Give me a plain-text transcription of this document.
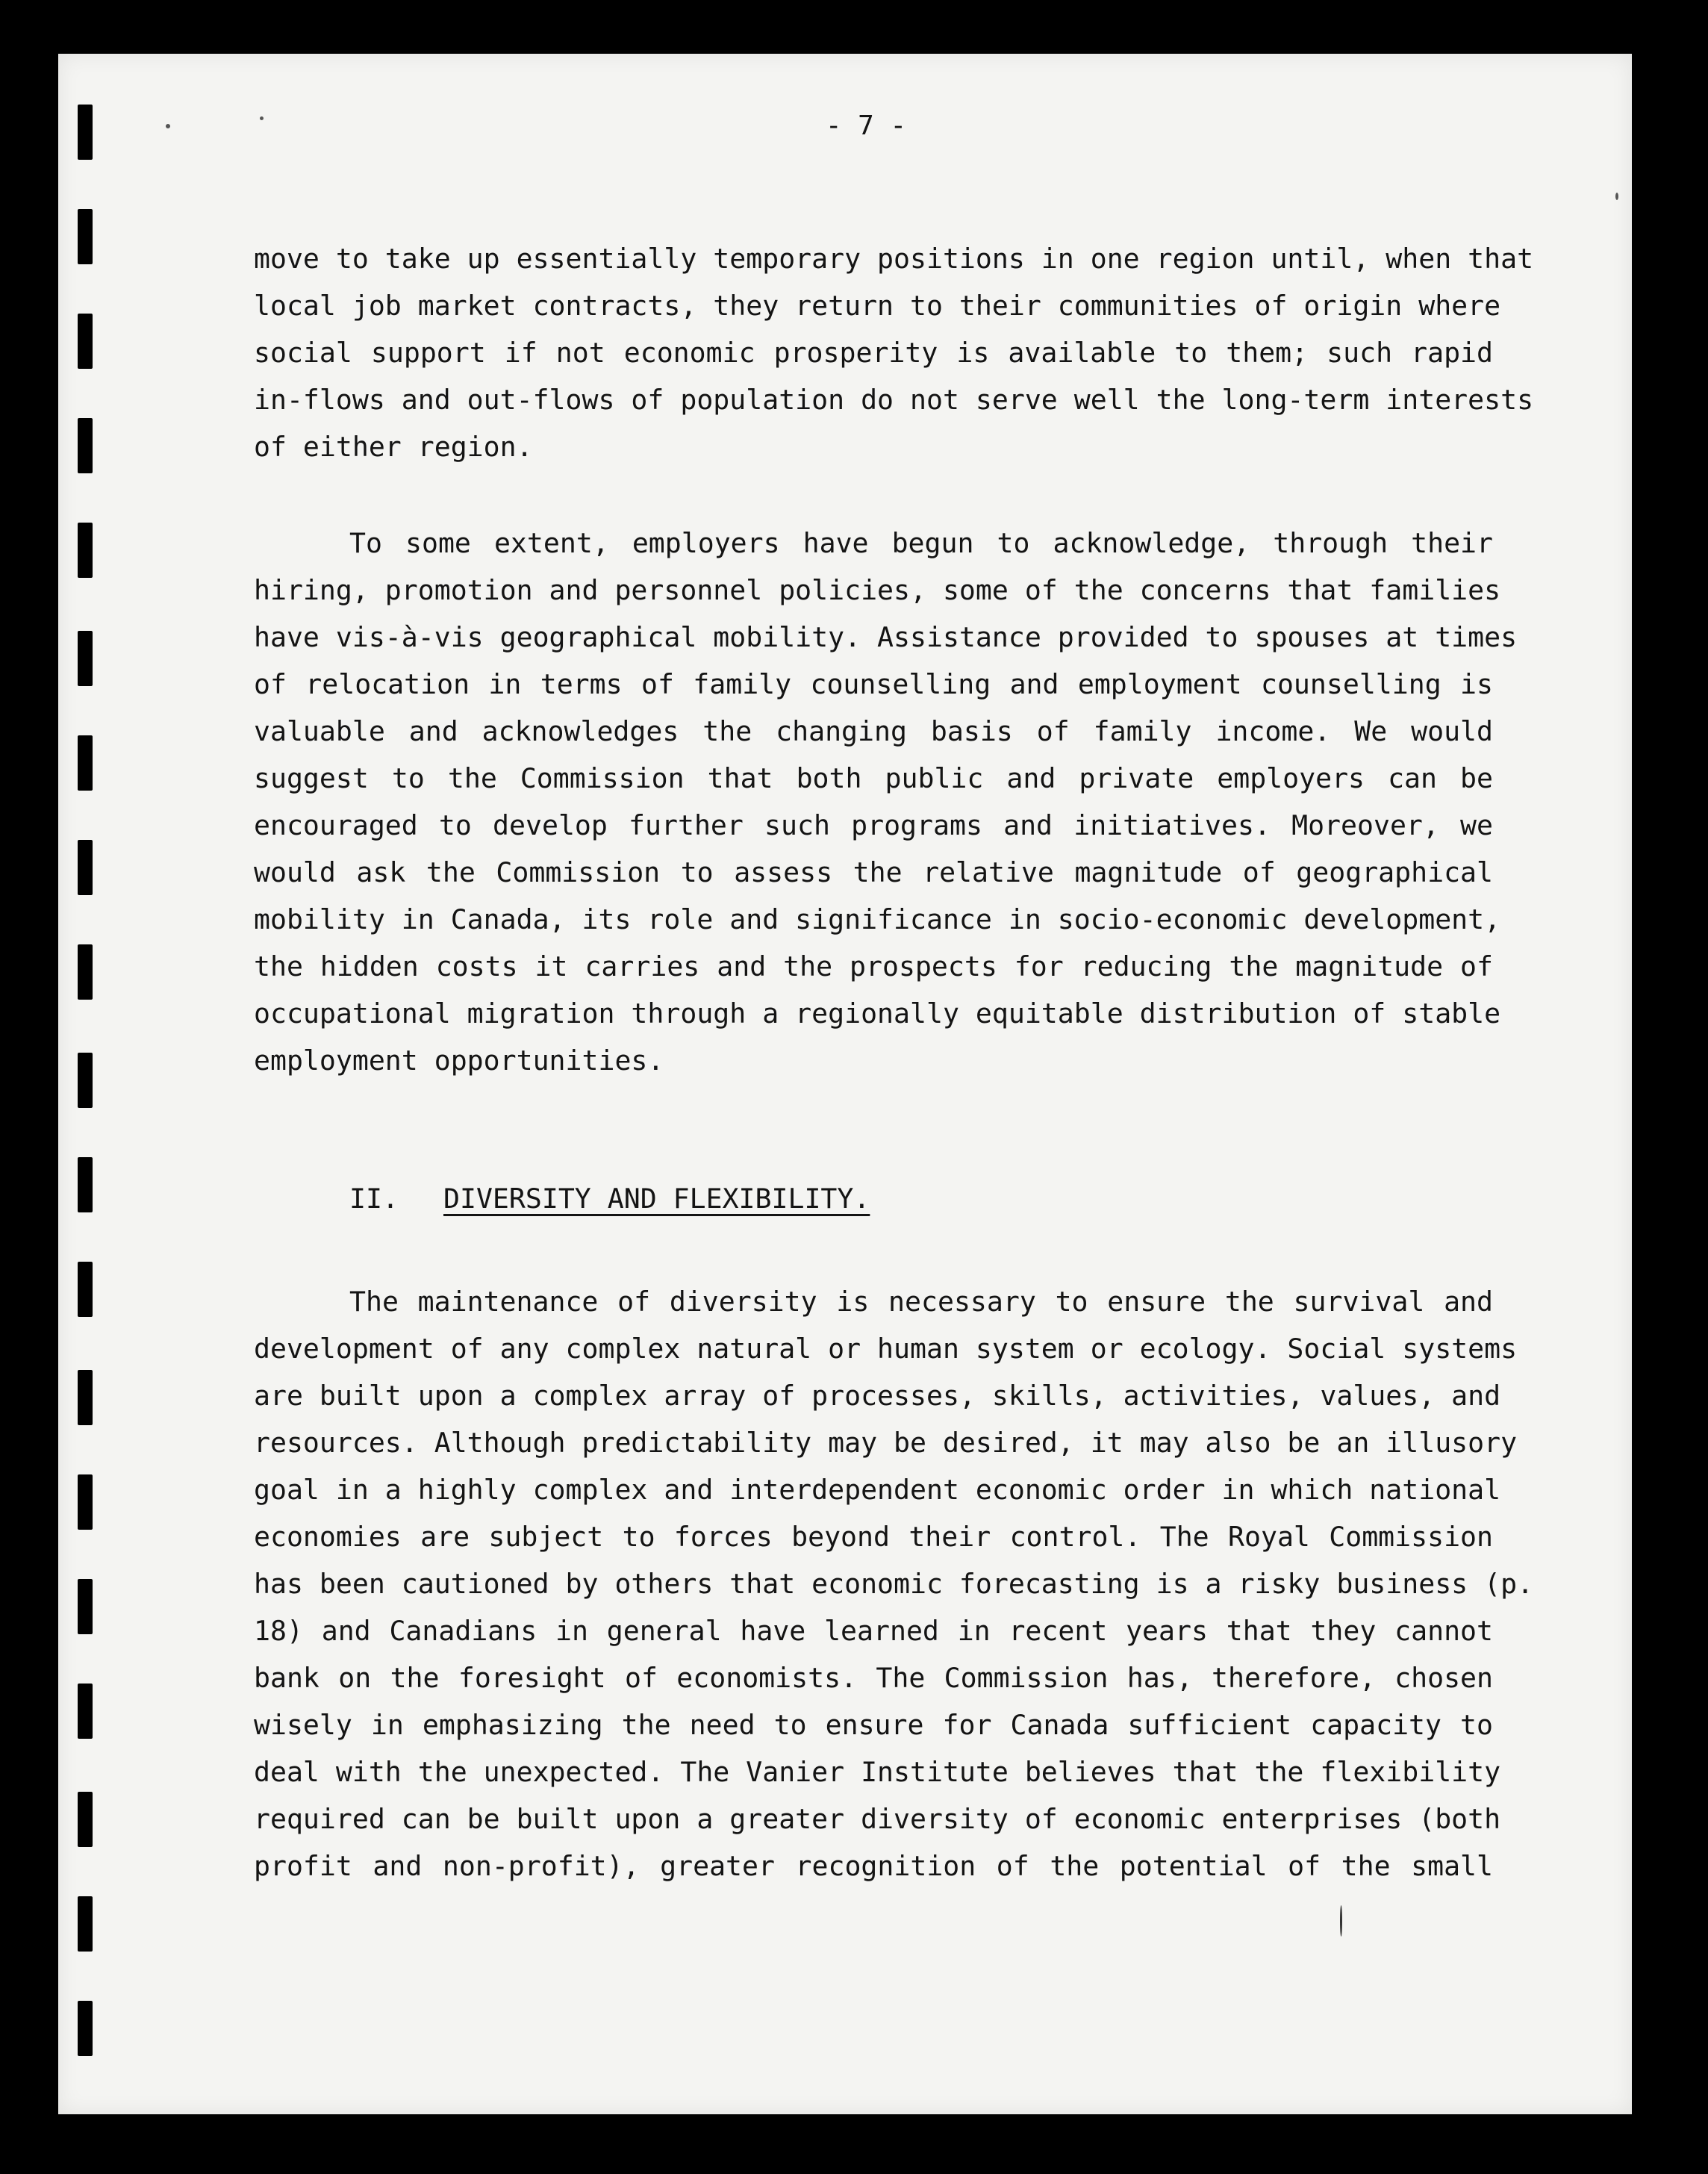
- 7 -
move to take up essentially temporary positions in one region until, when that
local job market contracts, they return to their communities of origin where
social support if not economic prosperity is available to them; such rapid
in-flows and out-flows of population do not serve well the long-term interests
of either region.
To some extent, employers have begun to acknowledge, through their
hiring, promotion and personnel policies, some of the concerns that families
have vis-à-vis geographical mobility. Assistance provided to spouses at times
of relocation in terms of family counselling and employment counselling is
valuable and acknowledges the changing basis of family income. We would
suggest to the Commission that both public and private employers can be
encouraged to develop further such programs and initiatives. Moreover, we
would ask the Commission to assess the relative magnitude of geographical
mobility in Canada, its role and significance in socio-economic development,
the hidden costs it carries and the prospects for reducing the magnitude of
occupational migration through a regionally equitable distribution of stable
employment opportunities.
II. DIVERSITY AND FLEXIBILITY.
The maintenance of diversity is necessary to ensure the survival and
development of any complex natural or human system or ecology. Social systems
are built upon a complex array of processes, skills, activities, values, and
resources. Although predictability may be desired, it may also be an illusory
goal in a highly complex and interdependent economic order in which national
economies are subject to forces beyond their control. The Royal Commission
has been cautioned by others that economic forecasting is a risky business (p.
18) and Canadians in general have learned in recent years that they cannot
bank on the foresight of economists. The Commission has, therefore, chosen
wisely in emphasizing the need to ensure for Canada sufficient capacity to
deal with the unexpected. The Vanier Institute believes that the flexibility
required can be built upon a greater diversity of economic enterprises (both
profit and non-profit), greater recognition of the potential of the small
